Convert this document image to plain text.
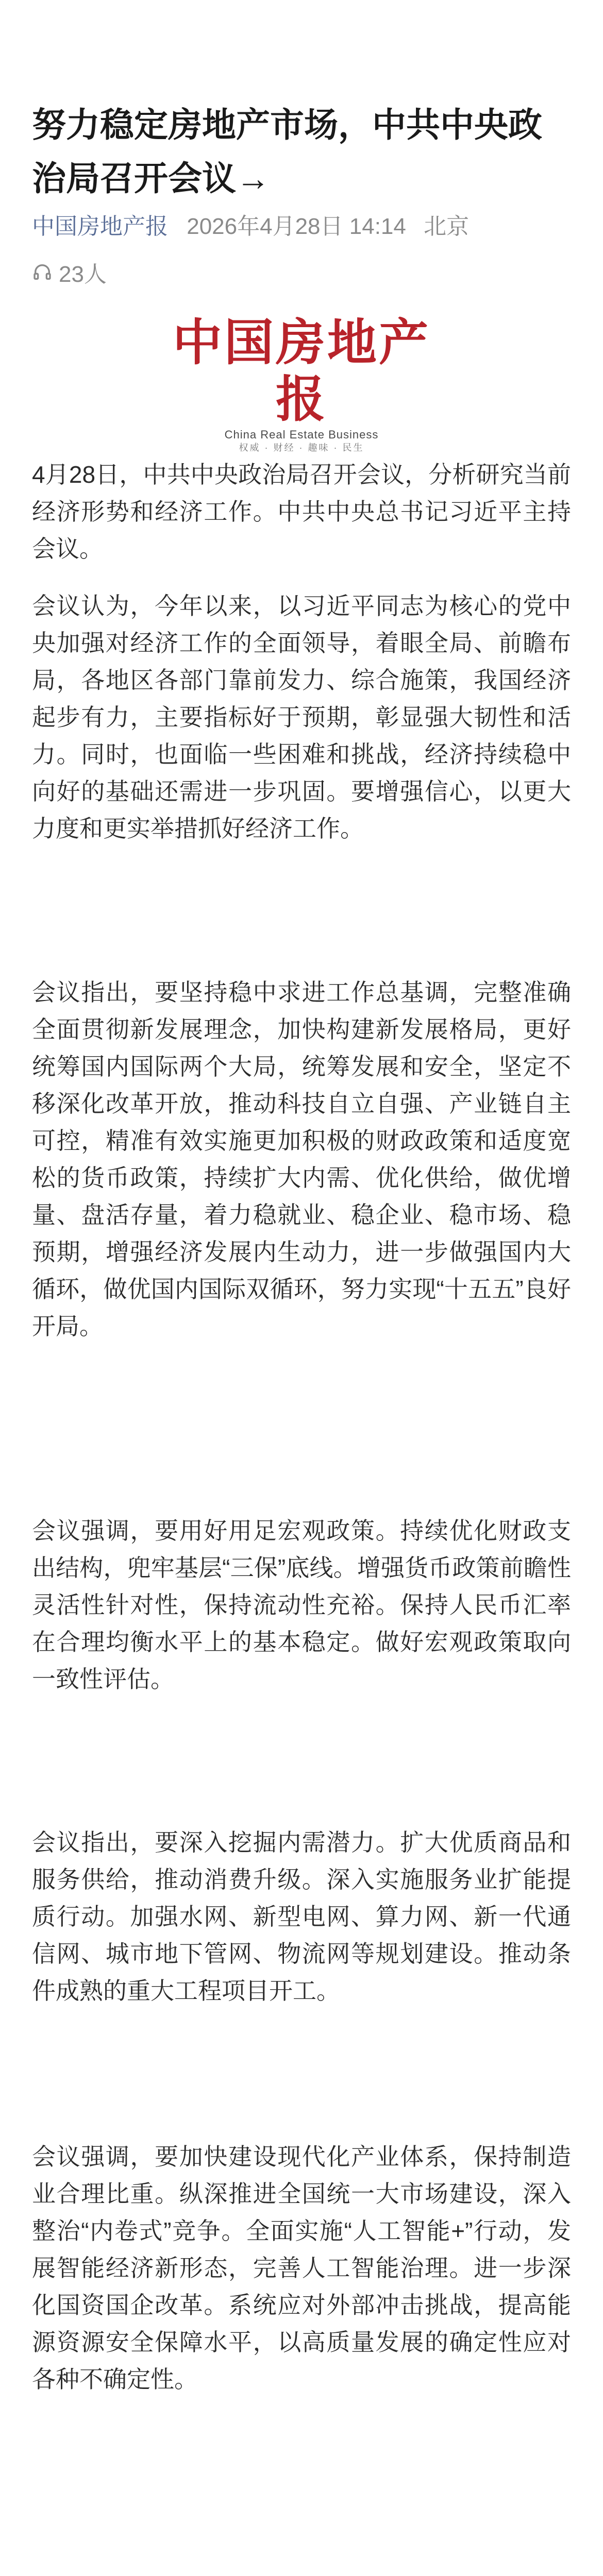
努力稳定房地产市场，中共中央政治局召开会议→
中国房地产报 2026年4月28日 14:14 北京
23人
中国房地产报
China Real Estate Business
权威 · 财经 · 趣味 · 民生

4月28日，中共中央政治局召开会议，分析研究当前经济形势和经济工作。中共中央总书记习近平主持会议。

会议认为，今年以来，以习近平同志为核心的党中央加强对经济工作的全面领导，着眼全局、前瞻布局，各地区各部门靠前发力、综合施策，我国经济起步有力，主要指标好于预期，彰显强大韧性和活力。同时，也面临一些困难和挑战，经济持续稳中向好的基础还需进一步巩固。要增强信心，以更大力度和更实举措抓好经济工作。

会议指出，要坚持稳中求进工作总基调，完整准确全面贯彻新发展理念，加快构建新发展格局，更好统筹国内国际两个大局，统筹发展和安全，坚定不移深化改革开放，推动科技自立自强、产业链自主可控，精准有效实施更加积极的财政政策和适度宽松的货币政策，持续扩大内需、优化供给，做优增量、盘活存量，着力稳就业、稳企业、稳市场、稳预期，增强经济发展内生动力，进一步做强国内大循环，做优国内国际双循环，努力实现“十五五”良好开局。

会议强调，要用好用足宏观政策。持续优化财政支出结构，兜牢基层“三保”底线。增强货币政策前瞻性灵活性针对性，保持流动性充裕。保持人民币汇率在合理均衡水平上的基本稳定。做好宏观政策取向一致性评估。

会议指出，要深入挖掘内需潜力。扩大优质商品和服务供给，推动消费升级。深入实施服务业扩能提质行动。加强水网、新型电网、算力网、新一代通信网、城市地下管网、物流网等规划建设。推动条件成熟的重大工程项目开工。

会议强调，要加快建设现代化产业体系，保持制造业合理比重。纵深推进全国统一大市场建设，深入整治“内卷式”竞争。全面实施“人工智能+”行动，发展智能经济新形态，完善人工智能治理。进一步深化国资国企改革。系统应对外部冲击挑战，提高能源资源安全保障水平，以高质量发展的确定性应对各种不确定性。
